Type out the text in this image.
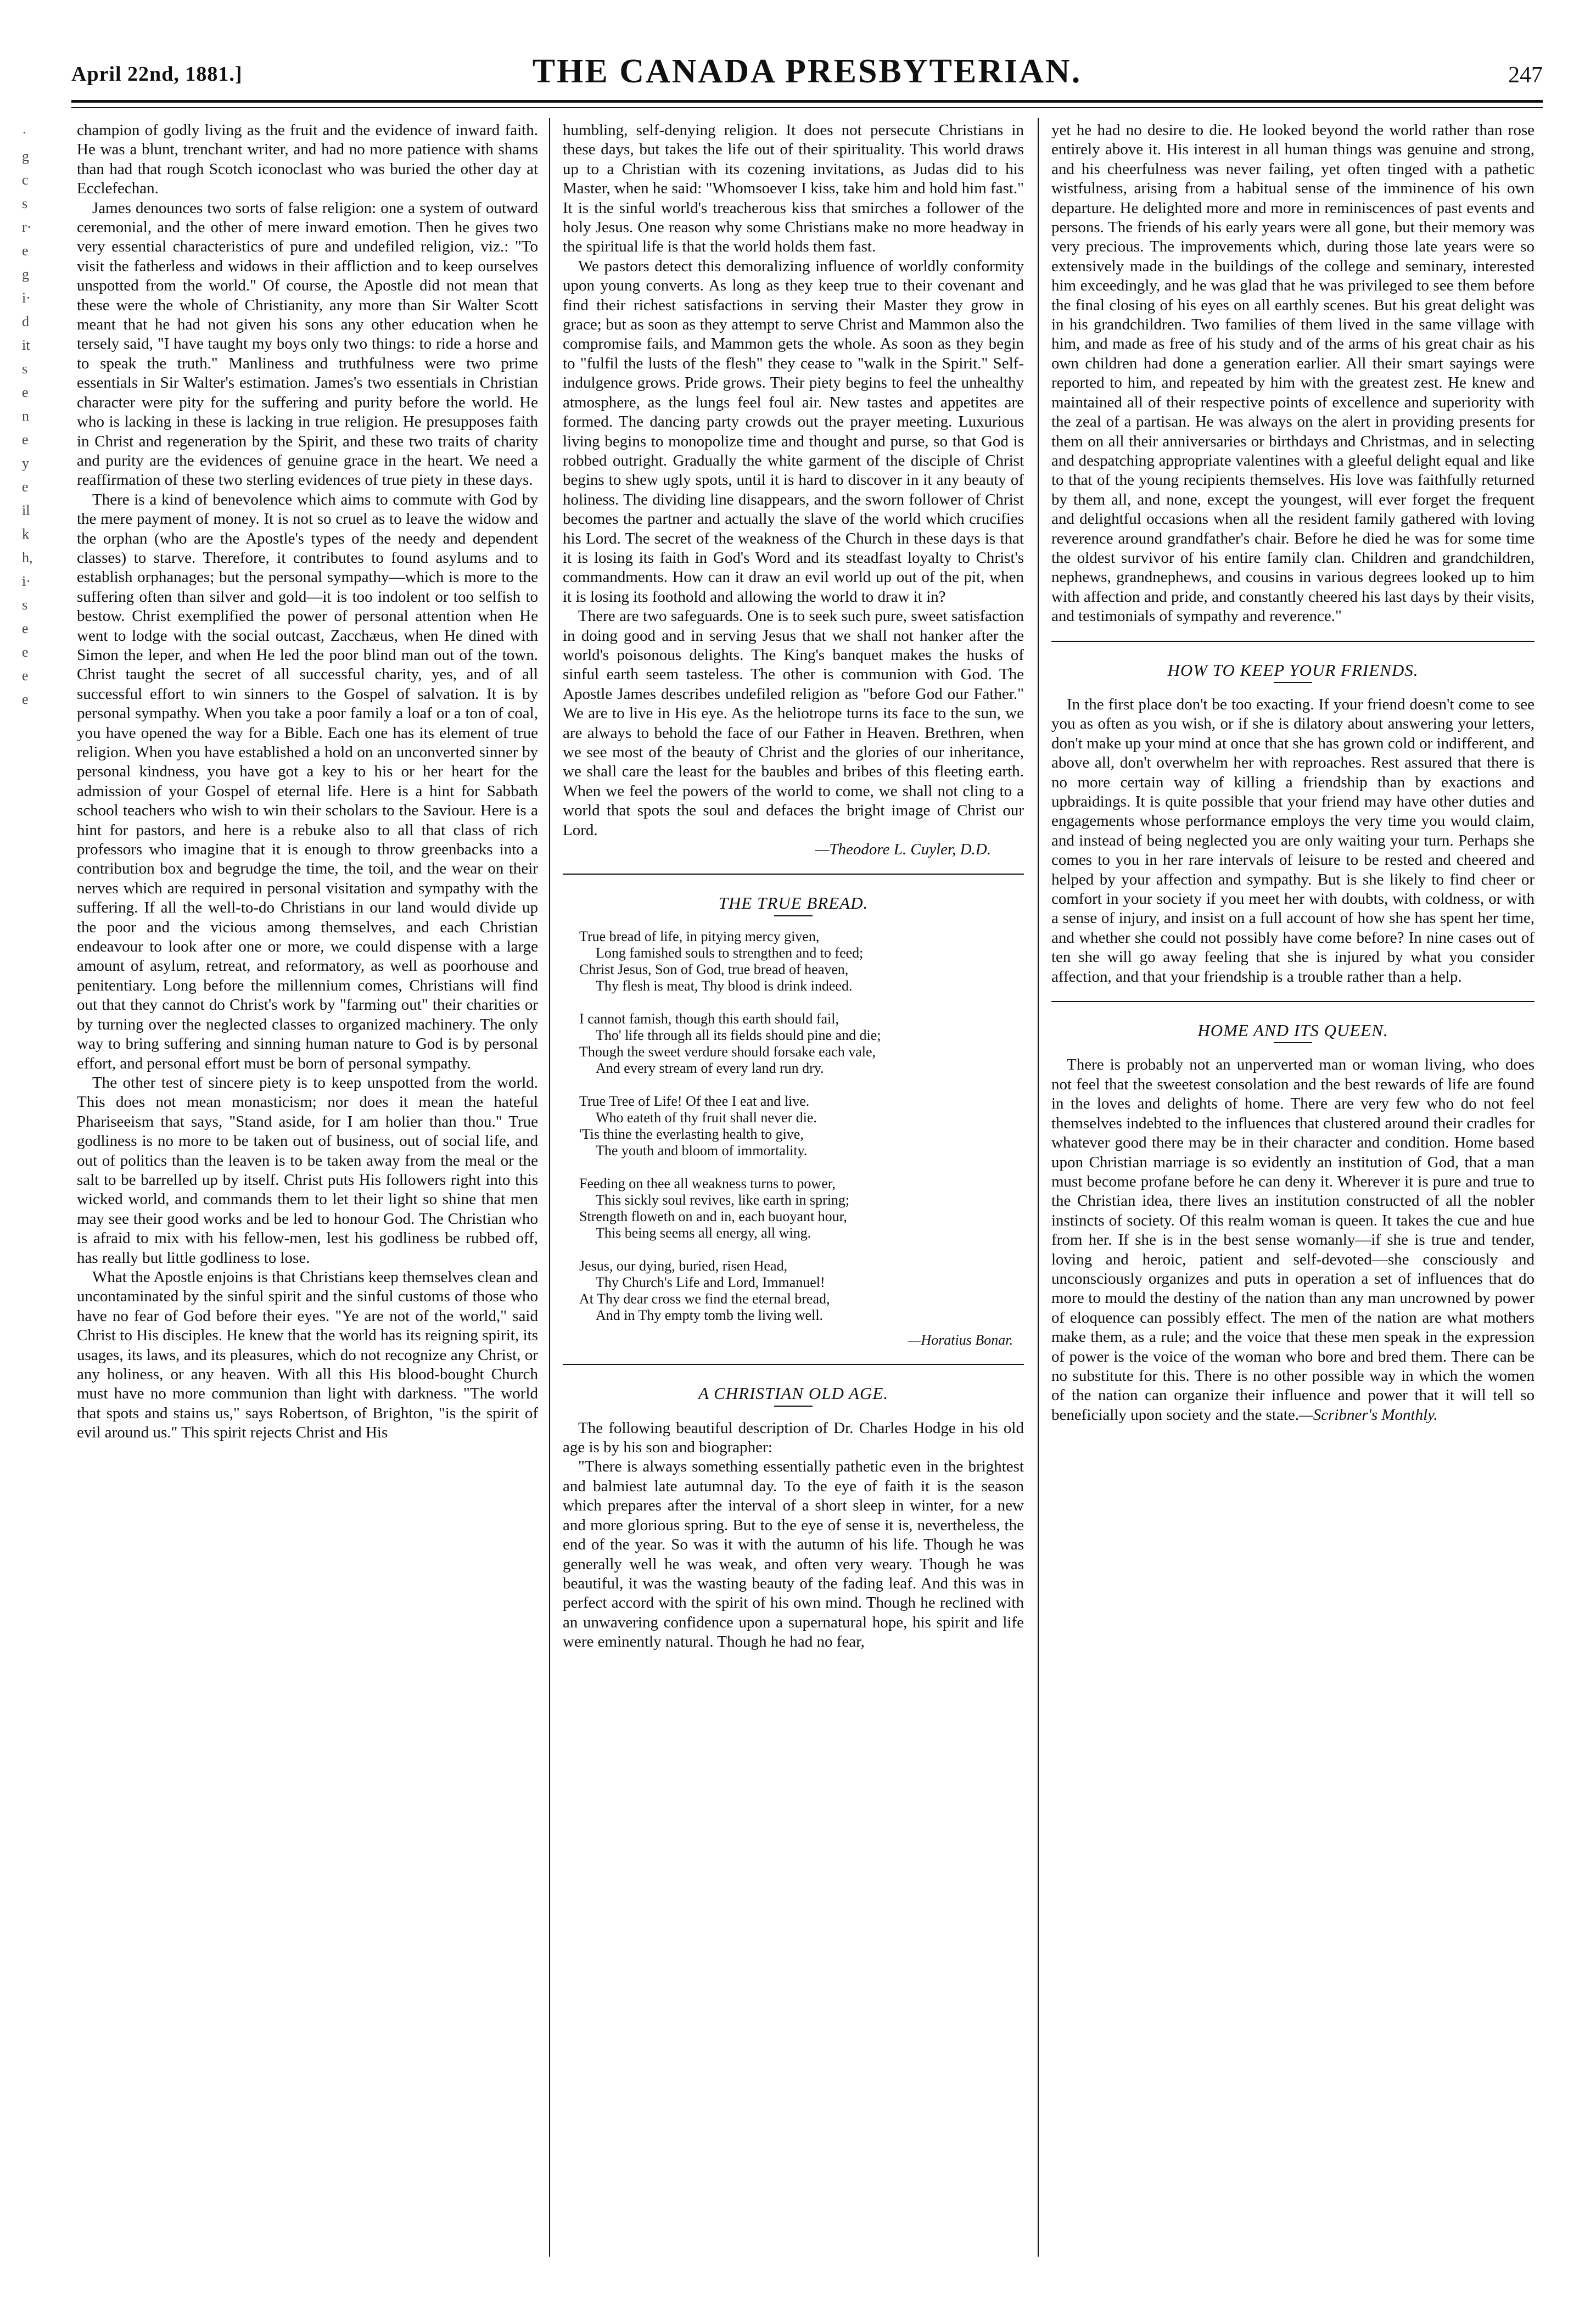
April 22nd, 1881.]	THE CANADA PRESBYTERIAN.	247
·
g
c
s
r·
e
g
i·
d
it
s
e
n
e
y
e
il
k
h,
i·
s
e
e
e
e

champion of godly living as the fruit and the evidence of inward faith. He was a blunt, trenchant writer, and had no more patience with shams than had that rough Scotch iconoclast who was buried the other day at Ecclefechan.

James denounces two sorts of false religion: one a system of outward ceremonial, and the other of mere inward emotion. Then he gives two very essential characteristics of pure and undefiled religion, viz.: "To visit the fatherless and widows in their affliction and to keep ourselves unspotted from the world." Of course, the Apostle did not mean that these were the whole of Christianity, any more than Sir Walter Scott meant that he had not given his sons any other education when he tersely said, "I have taught my boys only two things: to ride a horse and to speak the truth." Manliness and truthfulness were two prime essentials in Sir Walter's estimation. James's two essentials in Christian character were pity for the suffering and purity before the world. He who is lacking in these is lacking in true religion. He presupposes faith in Christ and regeneration by the Spirit, and these two traits of charity and purity are the evidences of genuine grace in the heart. We need a reaffirmation of these two sterling evidences of true piety in these days.

There is a kind of benevolence which aims to commute with God by the mere payment of money. It is not so cruel as to leave the widow and the orphan (who are the Apostle's types of the needy and dependent classes) to starve. Therefore, it contributes to found asylums and to establish orphanages; but the personal sympathy—which is more to the suffering often than silver and gold—it is too indolent or too selfish to bestow. Christ exemplified the power of personal attention when He went to lodge with the social outcast, Zacchæus, when He dined with Simon the leper, and when He led the poor blind man out of the town. Christ taught the secret of all successful charity, yes, and of all successful effort to win sinners to the Gospel of salvation. It is by personal sympathy. When you take a poor family a loaf or a ton of coal, you have opened the way for a Bible. Each one has its element of true religion. When you have established a hold on an unconverted sinner by personal kindness, you have got a key to his or her heart for the admission of your Gospel of eternal life. Here is a hint for Sabbath school teachers who wish to win their scholars to the Saviour. Here is a hint for pastors, and here is a rebuke also to all that class of rich professors who imagine that it is enough to throw greenbacks into a contribution box and begrudge the time, the toil, and the wear on their nerves which are required in personal visitation and sympathy with the suffering. If all the well-to-do Christians in our land would divide up the poor and the vicious among themselves, and each Christian endeavour to look after one or more, we could dispense with a large amount of asylum, retreat, and reformatory, as well as poorhouse and penitentiary. Long before the millennium comes, Christians will find out that they cannot do Christ's work by "farming out" their charities or by turning over the neglected classes to organized machinery. The only way to bring suffering and sinning human nature to God is by personal effort, and personal effort must be born of personal sympathy.

The other test of sincere piety is to keep unspotted from the world. This does not mean monasticism; nor does it mean the hateful Phariseeism that says, "Stand aside, for I am holier than thou." True godliness is no more to be taken out of business, out of social life, and out of politics than the leaven is to be taken away from the meal or the salt to be barrelled up by itself. Christ puts His followers right into this wicked world, and commands them to let their light so shine that men may see their good works and be led to honour God. The Christian who is afraid to mix with his fellow-men, lest his godliness be rubbed off, has really but little godliness to lose.

What the Apostle enjoins is that Christians keep themselves clean and uncontaminated by the sinful spirit and the sinful customs of those who have no fear of God before their eyes. "Ye are not of the world," said Christ to His disciples. He knew that the world has its reigning spirit, its usages, its laws, and its pleasures, which do not recognize any Christ, or any holiness, or any heaven. With all this His blood-bought Church must have no more communion than light with darkness. "The world that spots and stains us," says Robertson, of Brighton, "is the spirit of evil around us." This spirit rejects Christ and His

humbling, self-denying religion. It does not persecute Christians in these days, but takes the life out of their spirituality. This world draws up to a Christian with its cozening invitations, as Judas did to his Master, when he said: "Whomsoever I kiss, take him and hold him fast." It is the sinful world's treacherous kiss that smirches a follower of the holy Jesus. One reason why some Christians make no more headway in the spiritual life is that the world holds them fast.

We pastors detect this demoralizing influence of worldly conformity upon young converts. As long as they keep true to their covenant and find their richest satisfactions in serving their Master they grow in grace; but as soon as they attempt to serve Christ and Mammon also the compromise fails, and Mammon gets the whole. As soon as they begin to "fulfil the lusts of the flesh" they cease to "walk in the Spirit." Self-indulgence grows. Pride grows. Their piety begins to feel the unhealthy atmosphere, as the lungs feel foul air. New tastes and appetites are formed. The dancing party crowds out the prayer meeting. Luxurious living begins to monopolize time and thought and purse, so that God is robbed outright. Gradually the white garment of the disciple of Christ begins to shew ugly spots, until it is hard to discover in it any beauty of holiness. The dividing line disappears, and the sworn follower of Christ becomes the partner and actually the slave of the world which crucifies his Lord. The secret of the weakness of the Church in these days is that it is losing its faith in God's Word and its steadfast loyalty to Christ's commandments. How can it draw an evil world up out of the pit, when it is losing its foothold and allowing the world to draw it in?

There are two safeguards. One is to seek such pure, sweet satisfaction in doing good and in serving Jesus that we shall not hanker after the world's poisonous delights. The King's banquet makes the husks of sinful earth seem tasteless. The other is communion with God. The Apostle James describes undefiled religion as "before God our Father." We are to live in His eye. As the heliotrope turns its face to the sun, we are always to behold the face of our Father in Heaven. Brethren, when we see most of the beauty of Christ and the glories of our inheritance, we shall care the least for the baubles and bribes of this fleeting earth. When we feel the powers of the world to come, we shall not cling to a world that spots the soul and defaces the bright image of Christ our Lord.

—Theodore L. Cuyler, D.D.
THE TRUE BREAD.
True bread of life, in pitying mercy given,
Long famished souls to strengthen and to feed;
Christ Jesus, Son of God, true bread of heaven,
Thy flesh is meat, Thy blood is drink indeed.
I cannot famish, though this earth should fail,
Tho' life through all its fields should pine and die;
Though the sweet verdure should forsake each vale,
And every stream of every land run dry.
True Tree of Life! Of thee I eat and live.
Who eateth of thy fruit shall never die.
'Tis thine the everlasting health to give,
The youth and bloom of immortality.
Feeding on thee all weakness turns to power,
This sickly soul revives, like earth in spring;
Strength floweth on and in, each buoyant hour,
This being seems all energy, all wing.
Jesus, our dying, buried, risen Head,
Thy Church's Life and Lord, Immanuel!
At Thy dear cross we find the eternal bread,
And in Thy empty tomb the living well.
—Horatius Bonar.
A CHRISTIAN OLD AGE.

The following beautiful description of Dr. Charles Hodge in his old age is by his son and biographer:

"There is always something essentially pathetic even in the brightest and balmiest late autumnal day. To the eye of faith it is the season which prepares after the interval of a short sleep in winter, for a new and more glorious spring. But to the eye of sense it is, nevertheless, the end of the year. So was it with the autumn of his life. Though he was generally well he was weak, and often very weary. Though he was beautiful, it was the wasting beauty of the fading leaf. And this was in perfect accord with the spirit of his own mind. Though he reclined with an unwavering confidence upon a supernatural hope, his spirit and life were eminently natural. Though he had no fear,

yet he had no desire to die. He looked beyond the world rather than rose entirely above it. His interest in all human things was genuine and strong, and his cheerfulness was never failing, yet often tinged with a pathetic wistfulness, arising from a habitual sense of the imminence of his own departure. He delighted more and more in reminiscences of past events and persons. The friends of his early years were all gone, but their memory was very precious. The improvements which, during those late years were so extensively made in the buildings of the college and seminary, interested him exceedingly, and he was glad that he was privileged to see them before the final closing of his eyes on all earthly scenes. But his great delight was in his grandchildren. Two families of them lived in the same village with him, and made as free of his study and of the arms of his great chair as his own children had done a generation earlier. All their smart sayings were reported to him, and repeated by him with the greatest zest. He knew and maintained all of their respective points of excellence and superiority with the zeal of a partisan. He was always on the alert in providing presents for them on all their anniversaries or birthdays and Christmas, and in selecting and despatching appropriate valentines with a gleeful delight equal and like to that of the young recipients themselves. His love was faithfully returned by them all, and none, except the youngest, will ever forget the frequent and delightful occasions when all the resident family gathered with loving reverence around grandfather's chair. Before he died he was for some time the oldest survivor of his entire family clan. Children and grandchildren, nephews, grandnephews, and cousins in various degrees looked up to him with affection and pride, and constantly cheered his last days by their visits, and testimonials of sympathy and reverence."

HOW TO KEEP YOUR FRIENDS.

In the first place don't be too exacting. If your friend doesn't come to see you as often as you wish, or if she is dilatory about answering your letters, don't make up your mind at once that she has grown cold or indifferent, and above all, don't overwhelm her with reproaches. Rest assured that there is no more certain way of killing a friendship than by exactions and upbraidings. It is quite possible that your friend may have other duties and engagements whose performance employs the very time you would claim, and instead of being neglected you are only waiting your turn. Perhaps she comes to you in her rare intervals of leisure to be rested and cheered and helped by your affection and sympathy. But is she likely to find cheer or comfort in your society if you meet her with doubts, with coldness, or with a sense of injury, and insist on a full account of how she has spent her time, and whether she could not possibly have come before? In nine cases out of ten she will go away feeling that she is injured by what you consider affection, and that your friendship is a trouble rather than a help.

HOME AND ITS QUEEN.

There is probably not an unperverted man or woman living, who does not feel that the sweetest consolation and the best rewards of life are found in the loves and delights of home. There are very few who do not feel themselves indebted to the influences that clustered around their cradles for whatever good there may be in their character and condition. Home based upon Christian marriage is so evidently an institution of God, that a man must become profane before he can deny it. Wherever it is pure and true to the Christian idea, there lives an institution constructed of all the nobler instincts of society. Of this realm woman is queen. It takes the cue and hue from her. If she is in the best sense womanly—if she is true and tender, loving and heroic, patient and self-devoted—she consciously and unconsciously organizes and puts in operation a set of influences that do more to mould the destiny of the nation than any man uncrowned by power of eloquence can possibly effect. The men of the nation are what mothers make them, as a rule; and the voice that these men speak in the expression of power is the voice of the woman who bore and bred them. There can be no substitute for this. There is no other possible way in which the women of the nation can organize their influence and power that it will tell so beneficially upon society and the state.—Scribner's Monthly.
